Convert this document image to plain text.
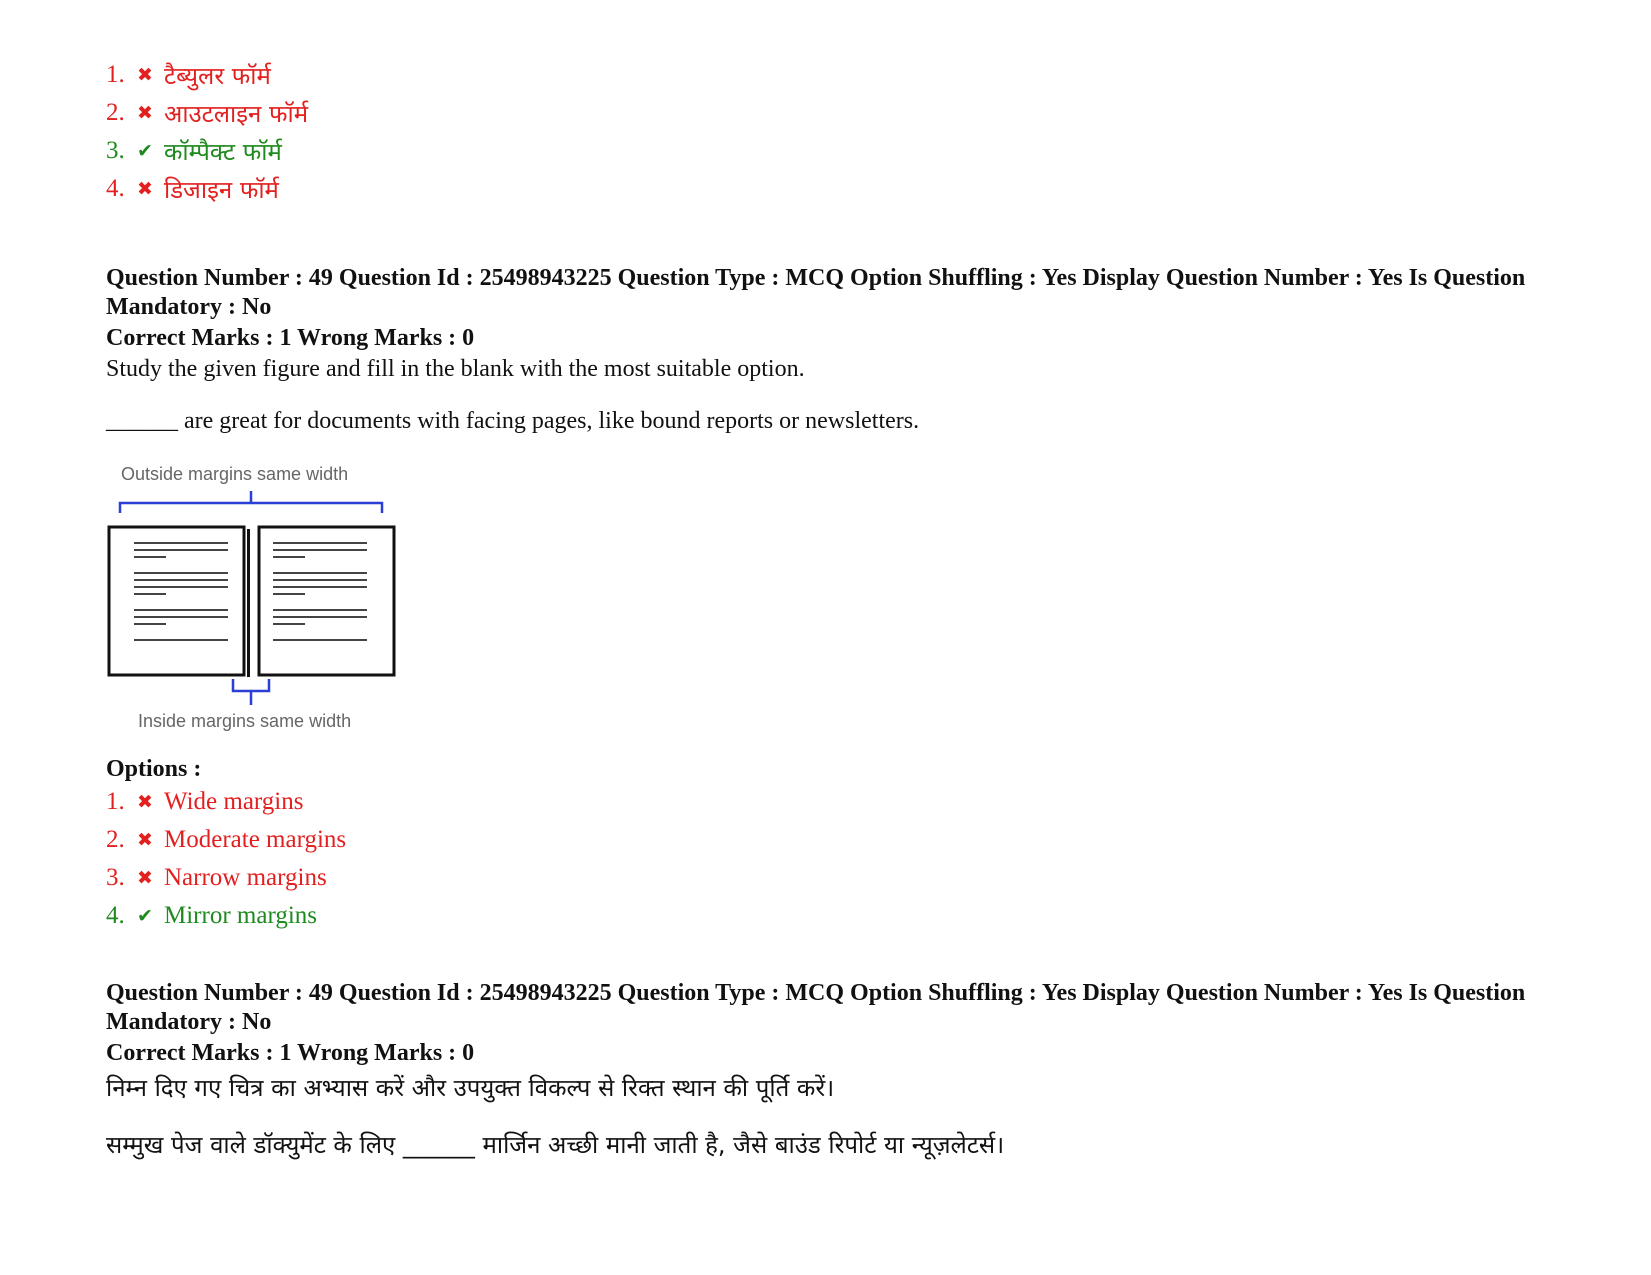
1. ✖ टैब्युलर फॉर्म
2. ✖ आउटलाइन फॉर्म
3. ✔ कॉम्पैक्ट फॉर्म
4. ✖ डिजाइन फॉर्म

Question Number : 49 Question Id : 25498943225 Question Type : MCQ Option Shuffling : Yes Display Question Number : Yes Is Question Mandatory : No

Correct Marks : 1 Wrong Marks : 0

Study the given figure and fill in the blank with the most suitable option.

______ are great for documents with facing pages, like bound reports or newsletters.

Outside margins same width
Inside margins same width

Options :

1. ✖ Wide margins
2. ✖ Moderate margins
3. ✖ Narrow margins
4. ✔ Mirror margins

Question Number : 49 Question Id : 25498943225 Question Type : MCQ Option Shuffling : Yes Display Question Number : Yes Is Question Mandatory : No

Correct Marks : 1 Wrong Marks : 0

निम्न दिए गए चित्र का अभ्यास करें और उपयुक्त विकल्प से रिक्त स्थान की पूर्ति करें।

सम्मुख पेज वाले डॉक्युमेंट के लिए ______ मार्जिन अच्छी मानी जाती है, जैसे बाउंड रिपोर्ट या न्यूज़लेटर्स।
